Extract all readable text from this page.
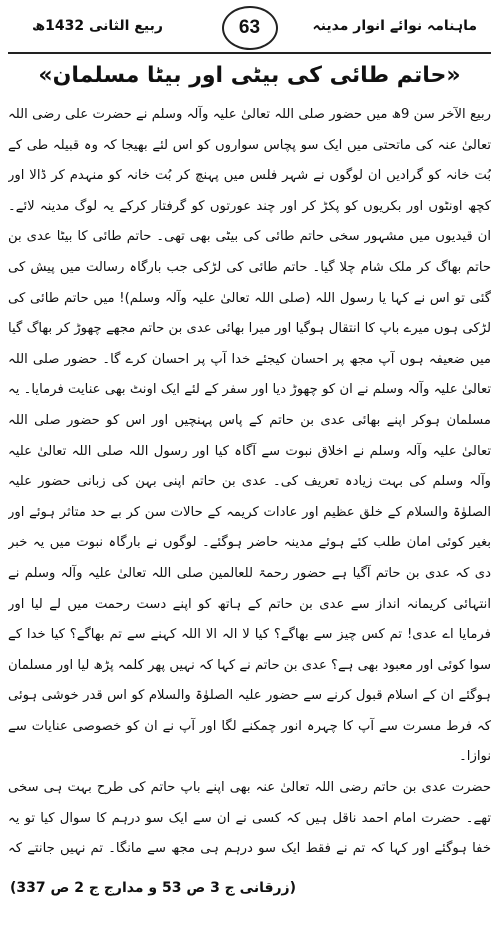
ماہنامہ نوائے انوار مدینہ
63
ربیع الثانی 1432ھ
«حاتم طائی کی بیٹی اور بیٹا مسلمان»

ربیع الآخر سن 9ھ میں حضور صلی اللہ تعالیٰ علیہ وآلہ وسلم نے حضرت علی رضی اللہ تعالیٰ عنہ کی ماتحتی میں ایک سو پچاس سواروں کو اس لئے بھیجا کہ وہ قبیلہ طی کے بُت خانہ کو گرادیں ان لوگوں نے شہر فلس میں پہنچ کر بُت خانہ کو منہدم کر ڈالا اور کچھ اونٹوں اور بکریوں کو پکڑ کر اور چند عورتوں کو گرفتار کرکے یہ لوگ مدینہ لائے۔ ان قیدیوں میں مشہور سخی حاتم طائی کی بیٹی بھی تھی۔ حاتم طائی کا بیٹا عدی بن حاتم بھاگ کر ملک شام چلا گیا۔ حاتم طائی کی لڑکی جب بارگاہ رسالت میں پیش کی گئی تو اس نے کہا یا رسول اللہ (صلی اللہ تعالیٰ علیہ وآلہ وسلم)! میں حاتم طائی کی لڑکی ہوں میرے باپ کا انتقال ہوگیا اور میرا بھائی عدی بن حاتم مجھے چھوڑ کر بھاگ گیا میں ضعیفہ ہوں آپ مجھ پر احسان کیجئے خدا آپ پر احسان کرے گا۔ حضور صلی اللہ تعالیٰ علیہ وآلہ وسلم نے ان کو چھوڑ دیا اور سفر کے لئے ایک اونٹ بھی عنایت فرمایا۔ یہ مسلمان ہوکر اپنے بھائی عدی بن حاتم کے پاس پہنچیں اور اس کو حضور صلی اللہ تعالیٰ علیہ وآلہ وسلم نے اخلاق نبوت سے آگاہ کیا اور رسول اللہ صلی اللہ تعالیٰ علیہ وآلہ وسلم کی بہت زیادہ تعریف کی۔ عدی بن حاتم اپنی بہن کی زبانی حضور علیہ الصلوٰۃ والسلام کے خلق عظیم اور عادات کریمہ کے حالات سن کر بے حد متاثر ہوئے اور بغیر کوئی امان طلب کئے ہوئے مدینہ حاضر ہوگئے۔ لوگوں نے بارگاہ نبوت میں یہ خبر دی کہ عدی بن حاتم آگیا ہے حضور رحمۃ للعالمین صلی اللہ تعالیٰ علیہ وآلہ وسلم نے انتہائی کریمانہ انداز سے عدی بن حاتم کے ہاتھ کو اپنے دست رحمت میں لے لیا اور فرمایا اے عدی! تم کس چیز سے بھاگے؟ کیا لا الہ الا اللہ کہنے سے تم بھاگے؟ کیا خدا کے سوا کوئی اور معبود بھی ہے؟ عدی بن حاتم نے کہا کہ نہیں پھر کلمہ پڑھ لیا اور مسلمان ہوگئے ان کے اسلام قبول کرنے سے حضور علیہ الصلوٰۃ والسلام کو اس قدر خوشی ہوئی کہ فرط مسرت سے آپ کا چہرہ انور چمکنے لگا اور آپ نے ان کو خصوصی عنایات سے نوازا۔

حضرت عدی بن حاتم رضی اللہ تعالیٰ عنہ بھی اپنے باپ حاتم کی طرح بہت ہی سخی تھے۔ حضرت امام احمد ناقل ہیں کہ کسی نے ان سے ایک سو درہم کا سوال کیا تو یہ خفا ہوگئے اور کہا کہ تم نے فقط ایک سو درہم ہی مجھ سے مانگا۔ تم نہیں جانتے کہ

(زرقانی ج 3 ص 53 و مدارج ج 2 ص 337)
